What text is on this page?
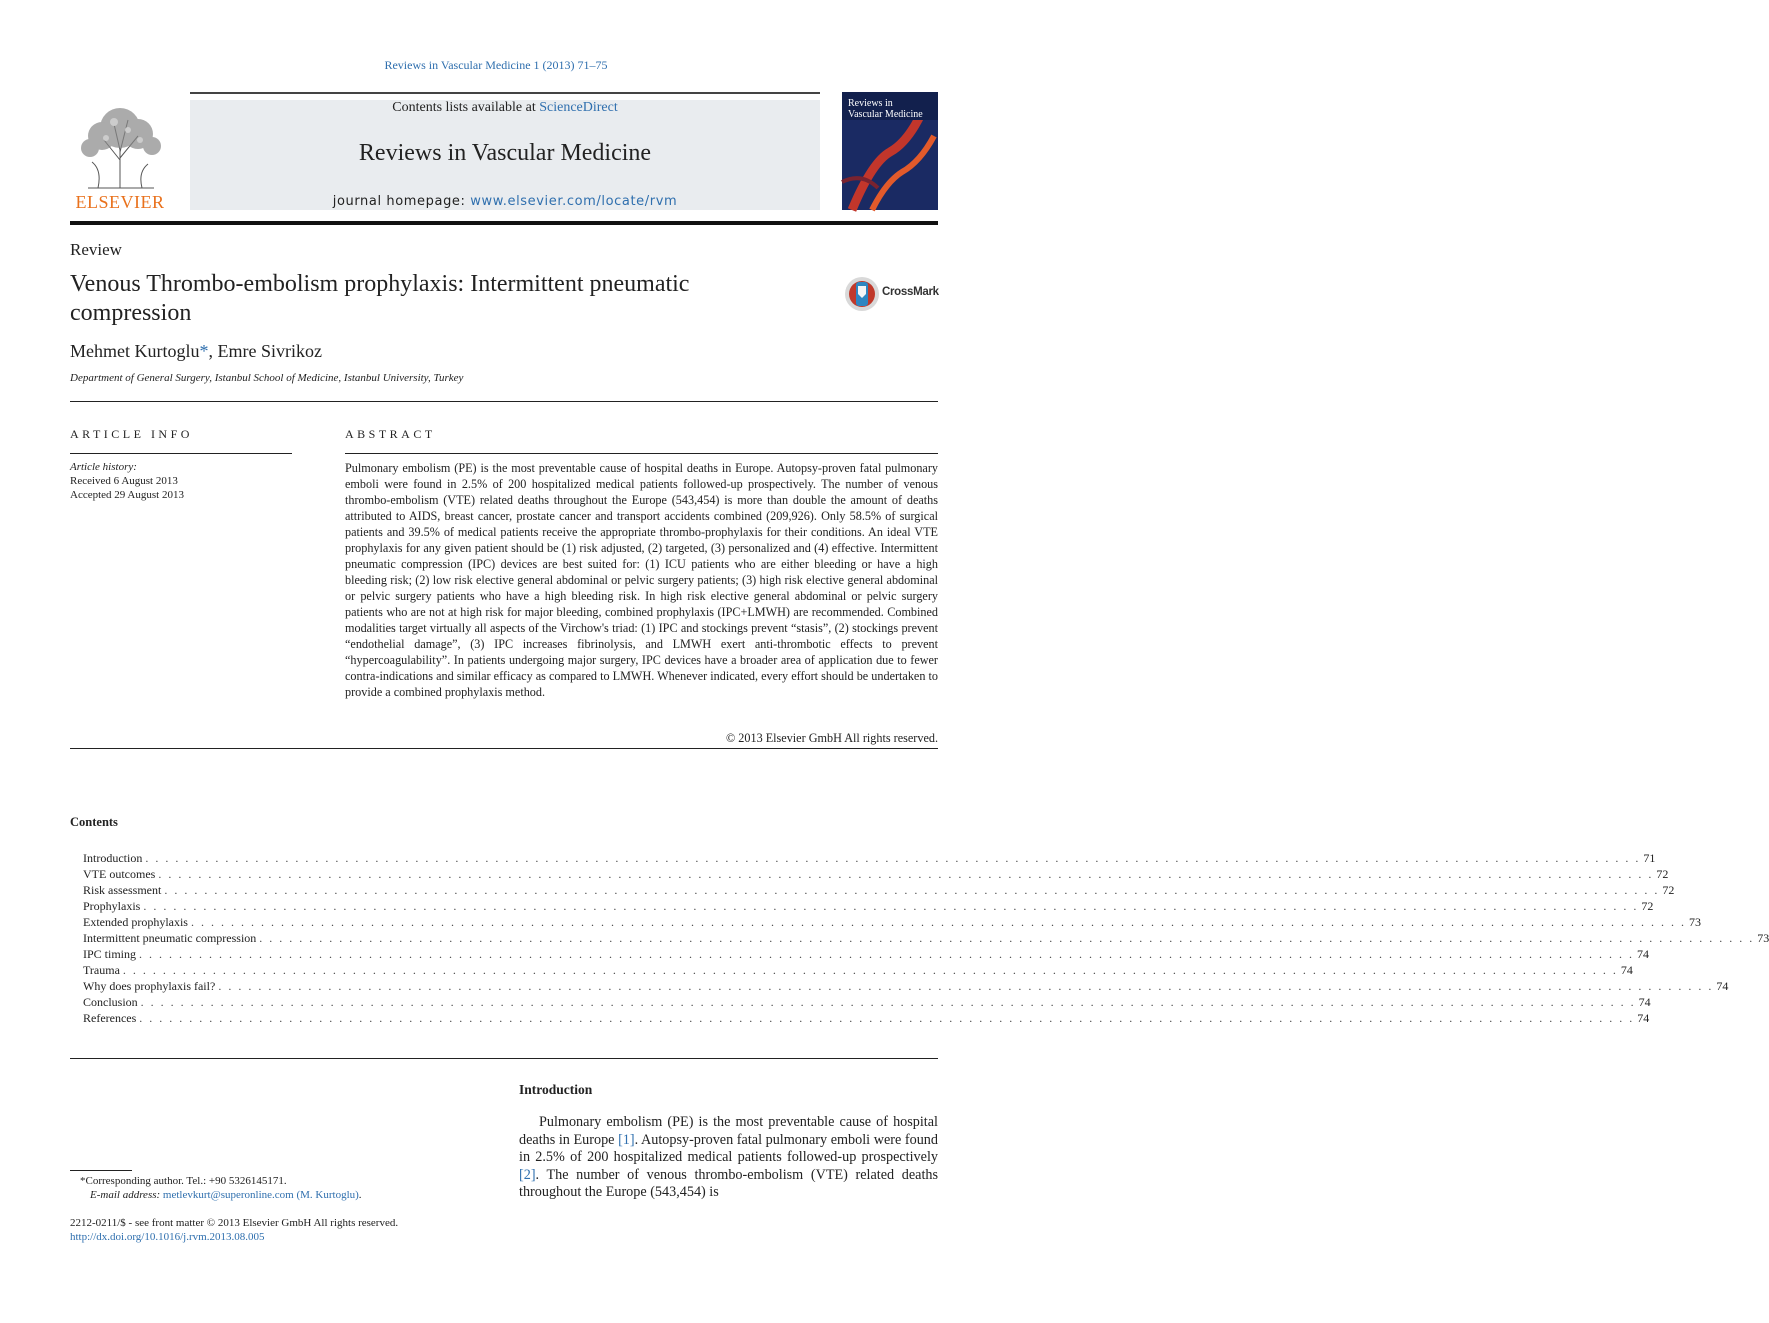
Reviews in Vascular Medicine 1 (2013) 71–75
ELSEVIER
Contents lists available at ScienceDirect
Reviews in Vascular Medicine
journal homepage: www.elsevier.com/locate/rvm
Reviews in
Vascular Medicine
Review
Venous Thrombo-embolism prophylaxis: Intermittent pneumatic compression
CrossMark
Mehmet Kurtoglu*, Emre Sivrikoz
Department of General Surgery, Istanbul School of Medicine, Istanbul University, Turkey
ARTICLE INFO
Article history:
Received 6 August 2013
Accepted 29 August 2013
ABSTRACT
Pulmonary embolism (PE) is the most preventable cause of hospital deaths in Europe. Autopsy-proven fatal pulmonary emboli were found in 2.5% of 200 hospitalized medical patients followed-up prospectively. The number of venous thrombo-embolism (VTE) related deaths throughout the Europe (543,454) is more than double the amount of deaths attributed to AIDS, breast cancer, prostate cancer and transport accidents combined (209,926). Only 58.5% of surgical patients and 39.5% of medical patients receive the appropriate thrombo-prophylaxis for their conditions. An ideal VTE prophylaxis for any given patient should be (1) risk adjusted, (2) targeted, (3) personalized and (4) effective. Intermittent pneumatic compression (IPC) devices are best suited for: (1) ICU patients who are either bleeding or have a high bleeding risk; (2) low risk elective general abdominal or pelvic surgery patients; (3) high risk elective general abdominal or pelvic surgery patients who have a high bleeding risk. In high risk elective general abdominal or pelvic surgery patients who are not at high risk for major bleeding, combined prophylaxis (IPC+LMWH) are recommended. Combined modalities target virtually all aspects of the Virchow's triad: (1) IPC and stockings prevent “stasis”, (2) stockings prevent “endothelial damage”, (3) IPC increases fibrinolysis, and LMWH exert anti-thrombotic effects to prevent “hypercoagulability”. In patients undergoing major surgery, IPC devices have a broader area of application due to fewer contra-indications and similar efficacy as compared to LMWH. Whenever indicated, every effort should be undertaken to provide a combined prophylaxis method.
© 2013 Elsevier GmbH All rights reserved.
Contents
Introduction . . . . . . . . . . . . . . . . . . . . . . . . . . . . . . . . . . . . . . . . . . . . . . . . . . . . . . . . . . . . . . . . . . . . . . . . . . . . . . . . . . . . . . . . . . . . . . . . . . . . . . . . . . . . . . . . . . . . . . . . . . . . . . . . . . . . . . . . . . . . . . . . . . . . . . 71
VTE outcomes . . . . . . . . . . . . . . . . . . . . . . . . . . . . . . . . . . . . . . . . . . . . . . . . . . . . . . . . . . . . . . . . . . . . . . . . . . . . . . . . . . . . . . . . . . . . . . . . . . . . . . . . . . . . . . . . . . . . . . . . . . . . . . . . . . . . . . . . . . . . . . . . . . . . . . 72
Risk assessment . . . . . . . . . . . . . . . . . . . . . . . . . . . . . . . . . . . . . . . . . . . . . . . . . . . . . . . . . . . . . . . . . . . . . . . . . . . . . . . . . . . . . . . . . . . . . . . . . . . . . . . . . . . . . . . . . . . . . . . . . . . . . . . . . . . . . . . . . . . . . . . . . . . . . . 72
Prophylaxis . . . . . . . . . . . . . . . . . . . . . . . . . . . . . . . . . . . . . . . . . . . . . . . . . . . . . . . . . . . . . . . . . . . . . . . . . . . . . . . . . . . . . . . . . . . . . . . . . . . . . . . . . . . . . . . . . . . . . . . . . . . . . . . . . . . . . . . . . . . . . . . . . . . . . . 72
Extended prophylaxis . . . . . . . . . . . . . . . . . . . . . . . . . . . . . . . . . . . . . . . . . . . . . . . . . . . . . . . . . . . . . . . . . . . . . . . . . . . . . . . . . . . . . . . . . . . . . . . . . . . . . . . . . . . . . . . . . . . . . . . . . . . . . . . . . . . . . . . . . . . . . . . . . . . . . . 73
Intermittent pneumatic compression . . . . . . . . . . . . . . . . . . . . . . . . . . . . . . . . . . . . . . . . . . . . . . . . . . . . . . . . . . . . . . . . . . . . . . . . . . . . . . . . . . . . . . . . . . . . . . . . . . . . . . . . . . . . . . . . . . . . . . . . . . . . . . . . . . . . . . . . . . . . . . . . . . . . . . 73
IPC timing . . . . . . . . . . . . . . . . . . . . . . . . . . . . . . . . . . . . . . . . . . . . . . . . . . . . . . . . . . . . . . . . . . . . . . . . . . . . . . . . . . . . . . . . . . . . . . . . . . . . . . . . . . . . . . . . . . . . . . . . . . . . . . . . . . . . . . . . . . . . . . . . . . . . . . 74
Trauma . . . . . . . . . . . . . . . . . . . . . . . . . . . . . . . . . . . . . . . . . . . . . . . . . . . . . . . . . . . . . . . . . . . . . . . . . . . . . . . . . . . . . . . . . . . . . . . . . . . . . . . . . . . . . . . . . . . . . . . . . . . . . . . . . . . . . . . . . . . . . . . . . . . . . . 74
Why does prophylaxis fail? . . . . . . . . . . . . . . . . . . . . . . . . . . . . . . . . . . . . . . . . . . . . . . . . . . . . . . . . . . . . . . . . . . . . . . . . . . . . . . . . . . . . . . . . . . . . . . . . . . . . . . . . . . . . . . . . . . . . . . . . . . . . . . . . . . . . . . . . . . . . . . . . . . . . . . 74
Conclusion . . . . . . . . . . . . . . . . . . . . . . . . . . . . . . . . . . . . . . . . . . . . . . . . . . . . . . . . . . . . . . . . . . . . . . . . . . . . . . . . . . . . . . . . . . . . . . . . . . . . . . . . . . . . . . . . . . . . . . . . . . . . . . . . . . . . . . . . . . . . . . . . . . . . . . 74
References . . . . . . . . . . . . . . . . . . . . . . . . . . . . . . . . . . . . . . . . . . . . . . . . . . . . . . . . . . . . . . . . . . . . . . . . . . . . . . . . . . . . . . . . . . . . . . . . . . . . . . . . . . . . . . . . . . . . . . . . . . . . . . . . . . . . . . . . . . . . . . . . . . . . . . 74
Introduction
Pulmonary embolism (PE) is the most preventable cause of hospital deaths in Europe [1]. Autopsy-proven fatal pulmonary emboli were found in 2.5% of 200 hospitalized medical patients followed-up prospectively [2]. The number of venous thrombo-embolism (VTE) related deaths throughout the Europe (543,454) is
*Corresponding author. Tel.: +90 5326145171.
E-mail address: metlevkurt@superonline.com (M. Kurtoglu).
2212-0211/$ - see front matter © 2013 Elsevier GmbH All rights reserved.
http://dx.doi.org/10.1016/j.rvm.2013.08.005
